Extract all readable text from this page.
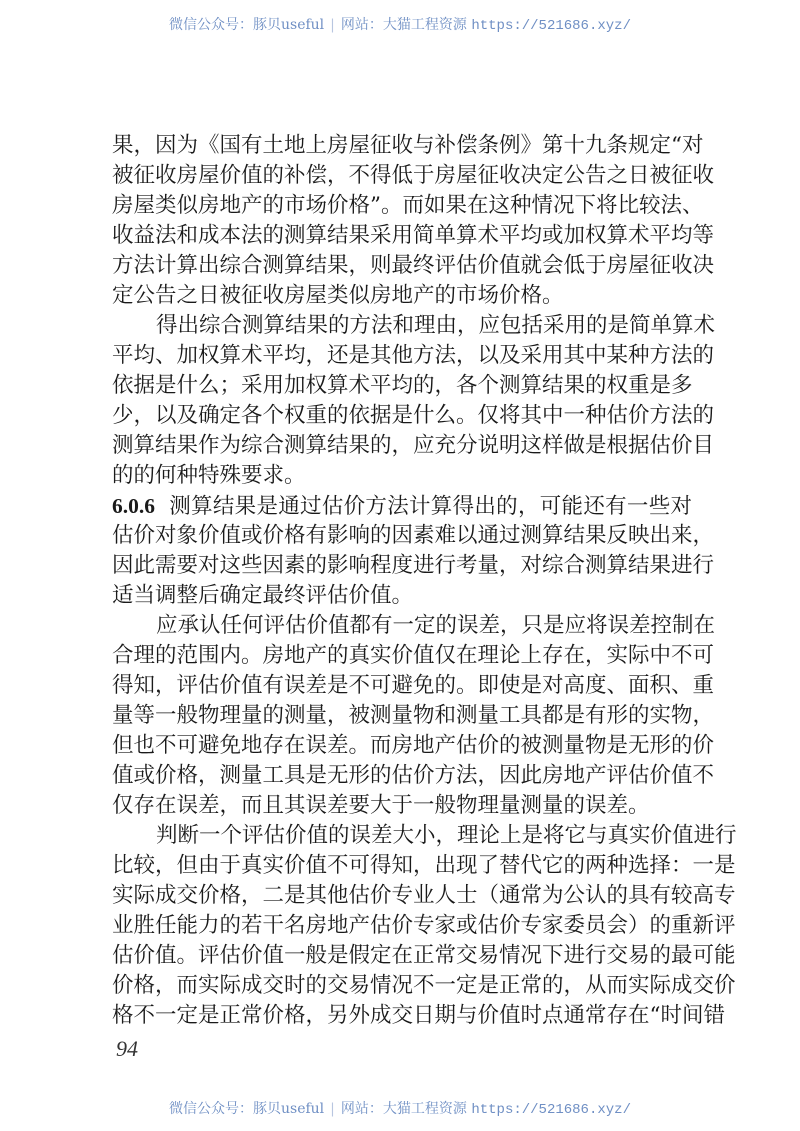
微信公众号：豚贝useful | 网站：大猫工程资源 https://521686.xyz/
果，因为《国有土地上房屋征收与补偿条例》第十九条规定“对
被征收房屋价值的补偿，不得低于房屋征收决定公告之日被征收
房屋类似房地产的市场价格”。而如果在这种情况下将比较法、
收益法和成本法的测算结果采用简单算术平均或加权算术平均等
方法计算出综合测算结果，则最终评估价值就会低于房屋征收决
定公告之日被征收房屋类似房地产的市场价格。
得出综合测算结果的方法和理由，应包括采用的是简单算术
平均、加权算术平均，还是其他方法，以及采用其中某种方法的
依据是什么；采用加权算术平均的，各个测算结果的权重是多
少，以及确定各个权重的依据是什么。仅将其中一种估价方法的
测算结果作为综合测算结果的，应充分说明这样做是根据估价目
的的何种特殊要求。
6.0.6 测算结果是通过估价方法计算得出的，可能还有一些对
估价对象价值或价格有影响的因素难以通过测算结果反映出来，
因此需要对这些因素的影响程度进行考量，对综合测算结果进行
适当调整后确定最终评估价值。
应承认任何评估价值都有一定的误差，只是应将误差控制在
合理的范围内。房地产的真实价值仅在理论上存在，实际中不可
得知，评估价值有误差是不可避免的。即使是对高度、面积、重
量等一般物理量的测量，被测量物和测量工具都是有形的实物，
但也不可避免地存在误差。而房地产估价的被测量物是无形的价
值或价格，测量工具是无形的估价方法，因此房地产评估价值不
仅存在误差，而且其误差要大于一般物理量测量的误差。
判断一个评估价值的误差大小，理论上是将它与真实价值进行
比较，但由于真实价值不可得知，出现了替代它的两种选择：一是
实际成交价格，二是其他估价专业人士（通常为公认的具有较高专
业胜任能力的若干名房地产估价专家或估价专家委员会）的重新评
估价值。评估价值一般是假定在正常交易情况下进行交易的最可能
价格，而实际成交时的交易情况不一定是正常的，从而实际成交价
格不一定是正常价格，另外成交日期与价值时点通常存在“时间错
94
微信公众号：豚贝useful | 网站：大猫工程资源 https://521686.xyz/
